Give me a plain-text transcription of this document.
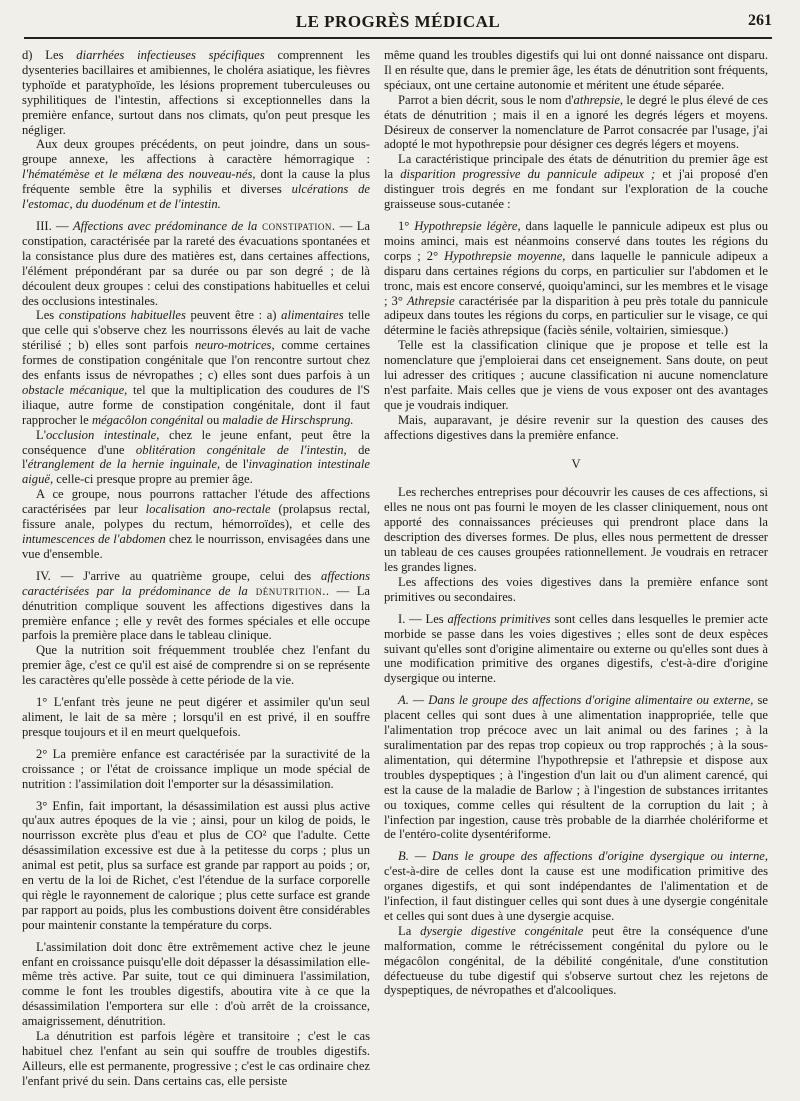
LE PROGRÈS MÉDICAL	261

d) Les diarrhées infectieuses spécifiques comprennent les dysenteries bacillaires et amibiennes, le choléra asiatique, les fièvres typhoïde et paratyphoïde, les lésions proprement tuberculeuses ou syphilitiques de l'intestin, affections si exceptionnelles dans la première enfance, surtout dans nos climats, qu'on peut presque les négliger.

Aux deux groupes précédents, on peut joindre, dans un sous-groupe annexe, les affections à caractère hémorragique : l'hématémèse et le mélæna des nouveau-nés, dont la cause la plus fréquente semble être la syphilis et diverses ulcérations de l'estomac, du duodénum et de l'intestin.

III. — Affections avec prédominance de la constipation. — La constipation, caractérisée par la rareté des évacuations spontanées et la consistance plus dure des matières est, dans certaines affections, l'élément prépondérant par sa durée ou par son degré ; de là découlent deux groupes : celui des constipations habituelles et celui des occlusions intestinales.

Les constipations habituelles peuvent être : a) alimentaires telle que celle qui s'observe chez les nourrissons élevés au lait de vache stérilisé ; b) elles sont parfois neuro-motrices, comme certaines formes de constipation congénitale que l'on rencontre surtout chez des enfants issus de névropathes ; c) elles sont dues parfois à un obstacle mécanique, tel que la multiplication des coudures de l'S iliaque, autre forme de constipation congénitale, dont il faut rapprocher le mégacôlon congénital ou maladie de Hirschsprung.

L'occlusion intestinale, chez le jeune enfant, peut être la conséquence d'une oblitération congénitale de l'intestin, de l'étranglement de la hernie inguinale, de l'invagination intestinale aiguë, celle-ci presque propre au premier âge.

A ce groupe, nous pourrons rattacher l'étude des affections caractérisées par leur localisation ano-rectale (prolapsus rectal, fissure anale, polypes du rectum, hémorroïdes), et celle des intumescences de l'abdomen chez le nourrisson, envisagées dans une vue d'ensemble.

IV. — J'arrive au quatrième groupe, celui des affections caractérisées par la prédominance de la dénutrition.. — La dénutrition complique souvent les affections digestives dans la première enfance ; elle y revêt des formes spéciales et elle occupe parfois la première place dans le tableau clinique.

Que la nutrition soit fréquemment troublée chez l'enfant du premier âge, c'est ce qu'il est aisé de comprendre si on se représente les caractères qu'elle possède à cette période de la vie.

1° L'enfant très jeune ne peut digérer et assimiler qu'un seul aliment, le lait de sa mère ; lorsqu'il en est privé, il en souffre presque toujours et il en meurt quelquefois.

2° La première enfance est caractérisée par la suractivité de la croissance ; or l'état de croissance implique un mode spécial de nutrition : l'assimilation doit l'emporter sur la désassimilation.

3° Enfin, fait important, la désassimilation est aussi plus active qu'aux autres époques de la vie ; ainsi, pour un kilog de poids, le nourrisson excrète plus d'eau et plus de CO² que l'adulte. Cette désassimilation excessive est due à la petitesse du corps ; plus un animal est petit, plus sa surface est grande par rapport au poids ; or, en vertu de la loi de Richet, c'est l'étendue de la surface corporelle qui règle le rayonnement de calorique ; plus cette surface est grande par rapport au poids, plus les combustions doivent être considérables pour maintenir constante la température du corps.

L'assimilation doit donc être extrêmement active chez le jeune enfant en croissance puisqu'elle doit dépasser la désassimilation elle-même très active. Par suite, tout ce qui diminuera l'assimilation, comme le font les troubles digestifs, aboutira vite à ce que la désassimilation l'emportera sur elle : d'où arrêt de la croissance, amaigrissement, dénutrition.

La dénutrition est parfois légère et transitoire ; c'est le cas habituel chez l'enfant au sein qui souffre de troubles digestifs. Ailleurs, elle est permanente, progressive ; c'est le cas ordinaire chez l'enfant privé du sein. Dans certains cas, elle persiste

même quand les troubles digestifs qui lui ont donné naissance ont disparu. Il en résulte que, dans le premier âge, les états de dénutrition sont fréquents, spéciaux, ont une certaine autonomie et méritent une étude séparée.

Parrot a bien décrit, sous le nom d'athrepsie, le degré le plus élevé de ces états de dénutrition ; mais il en a ignoré les degrés légers et moyens. Désireux de conserver la nomenclature de Parrot consacrée par l'usage, j'ai adopté le mot hypothrepsie pour désigner ces degrés légers et moyens.

La caractéristique principale des états de dénutrition du premier âge est la disparition progressive du pannicule adipeux ; et j'ai proposé d'en distinguer trois degrés en me fondant sur l'exploration de la couche graisseuse sous-cutanée :

1° Hypothrepsie légère, dans laquelle le pannicule adipeux est plus ou moins aminci, mais est néanmoins conservé dans toutes les régions du corps ; 2° Hypothrepsie moyenne, dans laquelle le pannicule adipeux a disparu dans certaines régions du corps, en particulier sur l'abdomen et le tronc, mais est encore conservé, quoiqu'aminci, sur les membres et le visage ; 3° Athrepsie caractérisée par la disparition à peu près totale du pannicule adipeux dans toutes les régions du corps, en particulier sur le visage, ce qui détermine le faciès athrepsique (faciès sénile, voltairien, simiesque.)

Telle est la classification clinique que je propose et telle est la nomenclature que j'emploierai dans cet enseignement. Sans doute, on peut lui adresser des critiques ; aucune classification ni aucune nomenclature n'est parfaite. Mais celles que je viens de vous exposer ont des avantages que je voudrais indiquer.

Mais, auparavant, je désire revenir sur la question des causes des affections digestives dans la première enfance.

V

Les recherches entreprises pour découvrir les causes de ces affections, si elles ne nous ont pas fourni le moyen de les classer cliniquement, nous ont apporté des connaissances précieuses qui prendront place dans la description des diverses formes. De plus, elles nous permettent de dresser un tableau de ces causes groupées rationnellement. Je voudrais en retracer les grandes lignes.

Les affections des voies digestives dans la première enfance sont primitives ou secondaires.

I. — Les affections primitives sont celles dans lesquelles le premier acte morbide se passe dans les voies digestives ; elles sont de deux espèces suivant qu'elles sont d'origine alimentaire ou externe ou qu'elles sont dues à une modification primitive des organes digestifs, c'est-à-dire d'origine dysergique ou interne.

A. — Dans le groupe des affections d'origine alimentaire ou externe, se placent celles qui sont dues à une alimentation inappropriée, telle que l'alimentation trop précoce avec un lait animal ou des farines ; à la suralimentation par des repas trop copieux ou trop rapprochés ; à la sous-alimentation, qui détermine l'hypothrepsie et l'athrepsie et dispose aux troubles dyspeptiques ; à l'ingestion d'un lait ou d'un aliment carencé, qui est la cause de la maladie de Barlow ; à l'ingestion de substances irritantes ou toxiques, comme celles qui résultent de la corruption du lait ; à l'infection par ingestion, cause très probable de la diarrhée cholériforme et de l'entéro-colite dysentériforme.

B. — Dans le groupe des affections d'origine dysergique ou interne, c'est-à-dire de celles dont la cause est une modification primitive des organes digestifs, et qui sont indépendantes de l'alimentation et de l'infection, il faut distinguer celles qui sont dues à une dysergie congénitale et celles qui sont dues à une dysergie acquise.

La dysergie digestive congénitale peut être la conséquence d'une malformation, comme le rétrécissement congénital du pylore ou le mégacôlon congénital, de la débilité congénitale, d'une constitution défectueuse du tube digestif qui s'observe surtout chez les rejetons de dyspeptiques, de névropathes et d'alcooliques.
